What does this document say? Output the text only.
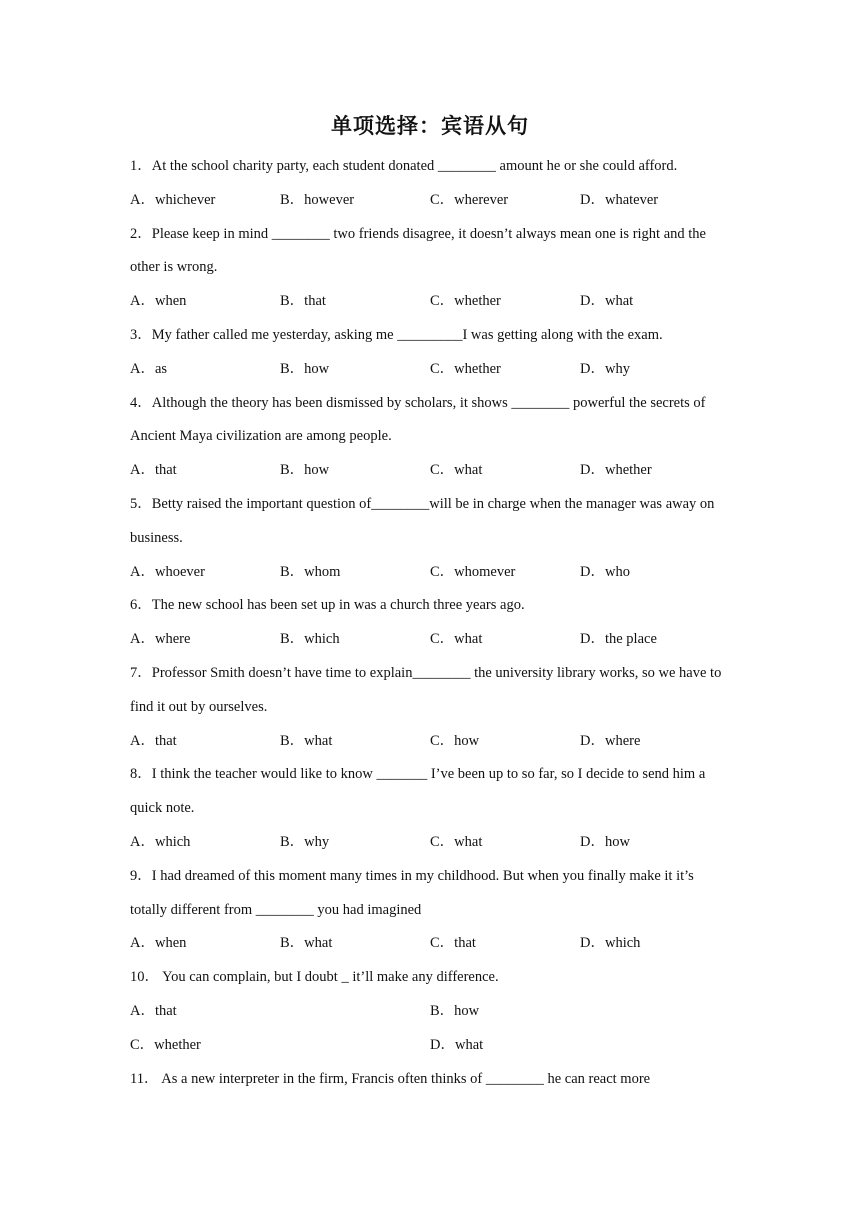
单项选择：宾语从句

1．At the school charity party, each student donated ________ amount he or she could afford.

A．whichever	B．however	C．wherever	D．whatever

2．Please keep in mind ________ two friends disagree, it doesn’t always mean one is right and the other is wrong.

A．when	B．that	C．whether	D．what

3．My father called me yesterday, asking me _________I was getting along with the exam.

A．as	B．how	C．whether	D．why

4．Although the theory has been dismissed by scholars, it shows ________ powerful the secrets of Ancient Maya civilization are among people.

A．that	B．how	C．what	D．whether

5．Betty raised the important question of________will be in charge when the manager was away on business.

A．whoever	B．whom	C．whomever	D．who

6．The new school has been set up in was a church three years ago.

A．where	B．which	C．what	D．the place

7．Professor Smith doesn’t have time to explain________ the university library works, so we have to find it out by ourselves.

A．that	B．what	C．how	D．where

8．I think the teacher would like to know _______ I’ve been up to so far, so I decide to send him a quick note.

A．which	B．why	C．what	D．how

9．I had dreamed of this moment many times in my childhood. But when you finally make it it’s totally different from ________ you had imagined

A．when	B．what	C．that	D．which

10． You can complain, but I doubt _ it’ll make any difference.

A．that	B．how
C．whether	D．what

11． As a new interpreter in the firm, Francis often thinks of ________ he can react more
